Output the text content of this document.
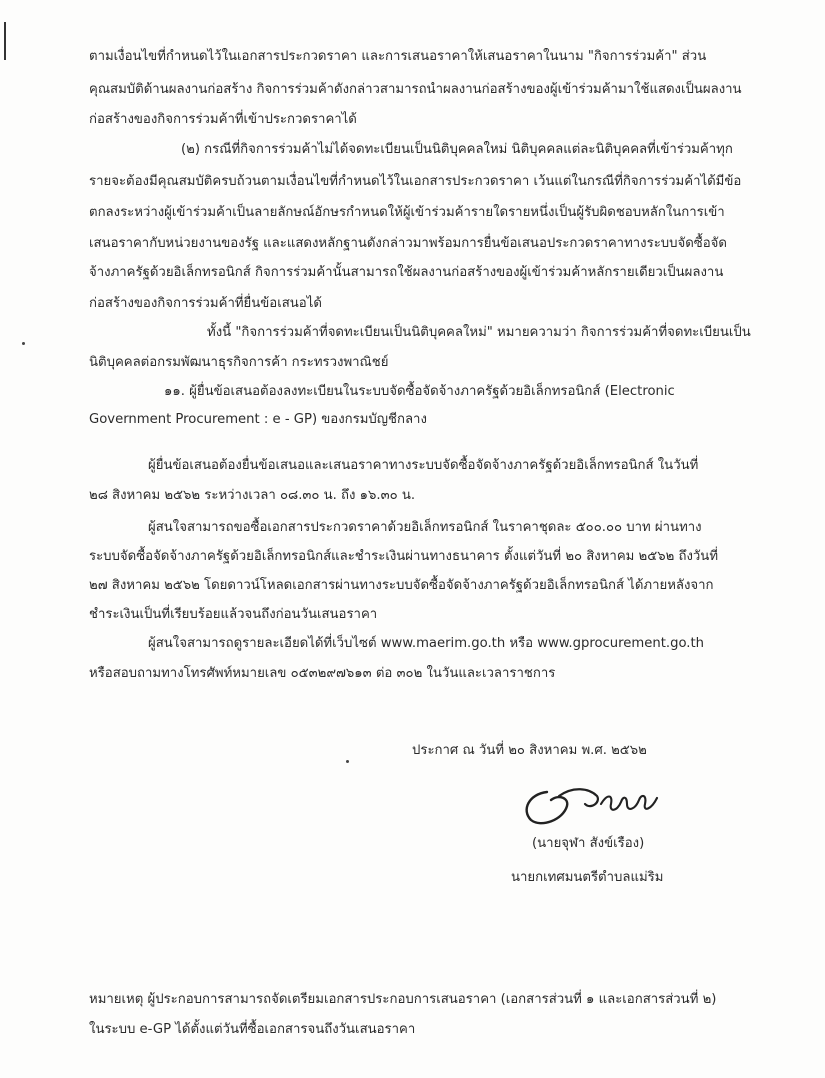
ตามเงื่อนไขที่กำหนดไว้ในเอกสารประกวดราคา และการเสนอราคาให้เสนอราคาในนาม "กิจการร่วมค้า" ส่วน
คุณสมบัติด้านผลงานก่อสร้าง กิจการร่วมค้าดังกล่าวสามารถนำผลงานก่อสร้างของผู้เข้าร่วมค้ามาใช้แสดงเป็นผลงาน
ก่อสร้างของกิจการร่วมค้าที่เข้าประกวดราคาได้
(๒) กรณีที่กิจการร่วมค้าไม่ได้จดทะเบียนเป็นนิติบุคคลใหม่ นิติบุคคลแต่ละนิติบุคคลที่เข้าร่วมค้าทุก
รายจะต้องมีคุณสมบัติครบถ้วนตามเงื่อนไขที่กำหนดไว้ในเอกสารประกวดราคา เว้นแต่ในกรณีที่กิจการร่วมค้าได้มีข้อ
ตกลงระหว่างผู้เข้าร่วมค้าเป็นลายลักษณ์อักษรกำหนดให้ผู้เข้าร่วมค้ารายใดรายหนึ่งเป็นผู้รับผิดชอบหลักในการเข้า
เสนอราคากับหน่วยงานของรัฐ และแสดงหลักฐานดังกล่าวมาพร้อมการยื่นข้อเสนอประกวดราคาทางระบบจัดซื้อจัด
จ้างภาครัฐด้วยอิเล็กทรอนิกส์ กิจการร่วมค้านั้นสามารถใช้ผลงานก่อสร้างของผู้เข้าร่วมค้าหลักรายเดียวเป็นผลงาน
ก่อสร้างของกิจการร่วมค้าที่ยื่นข้อเสนอได้
ทั้งนี้ "กิจการร่วมค้าที่จดทะเบียนเป็นนิติบุคคลใหม่" หมายความว่า กิจการร่วมค้าที่จดทะเบียนเป็น
นิติบุคคลต่อกรมพัฒนาธุรกิจการค้า กระทรวงพาณิชย์
๑๑. ผู้ยื่นข้อเสนอต้องลงทะเบียนในระบบจัดซื้อจัดจ้างภาครัฐด้วยอิเล็กทรอนิกส์ (Electronic
Government Procurement : e - GP) ของกรมบัญชีกลาง
ผู้ยื่นข้อเสนอต้องยื่นข้อเสนอและเสนอราคาทางระบบจัดซื้อจัดจ้างภาครัฐด้วยอิเล็กทรอนิกส์ ในวันที่
๒๘ สิงหาคม ๒๕๖๒ ระหว่างเวลา ๐๘.๓๐ น. ถึง ๑๖.๓๐ น.
ผู้สนใจสามารถขอซื้อเอกสารประกวดราคาด้วยอิเล็กทรอนิกส์ ในราคาชุดละ ๕๐๐.๐๐ บาท ผ่านทาง
ระบบจัดซื้อจัดจ้างภาครัฐด้วยอิเล็กทรอนิกส์และชำระเงินผ่านทางธนาคาร ตั้งแต่วันที่ ๒๐ สิงหาคม ๒๕๖๒ ถึงวันที่
๒๗ สิงหาคม ๒๕๖๒ โดยดาวน์โหลดเอกสารผ่านทางระบบจัดซื้อจัดจ้างภาครัฐด้วยอิเล็กทรอนิกส์ ได้ภายหลังจาก
ชำระเงินเป็นที่เรียบร้อยแล้วจนถึงก่อนวันเสนอราคา
ผู้สนใจสามารถดูรายละเอียดได้ที่เว็บไซต์ www.maerim.go.th หรือ www.gprocurement.go.th
หรือสอบถามทางโทรศัพท์หมายเลข ๐๕๓๒๙๗๖๑๓ ต่อ ๓๐๒ ในวันและเวลาราชการ
ประกาศ ณ วันที่ ๒๐ สิงหาคม พ.ศ. ๒๕๖๒
(นายจุฬา สังข์เรือง)
นายกเทศมนตรีตำบลแม่ริม
หมายเหตุ ผู้ประกอบการสามารถจัดเตรียมเอกสารประกอบการเสนอราคา (เอกสารส่วนที่ ๑ และเอกสารส่วนที่ ๒)
ในระบบ e-GP ได้ตั้งแต่วันที่ซื้อเอกสารจนถึงวันเสนอราคา
